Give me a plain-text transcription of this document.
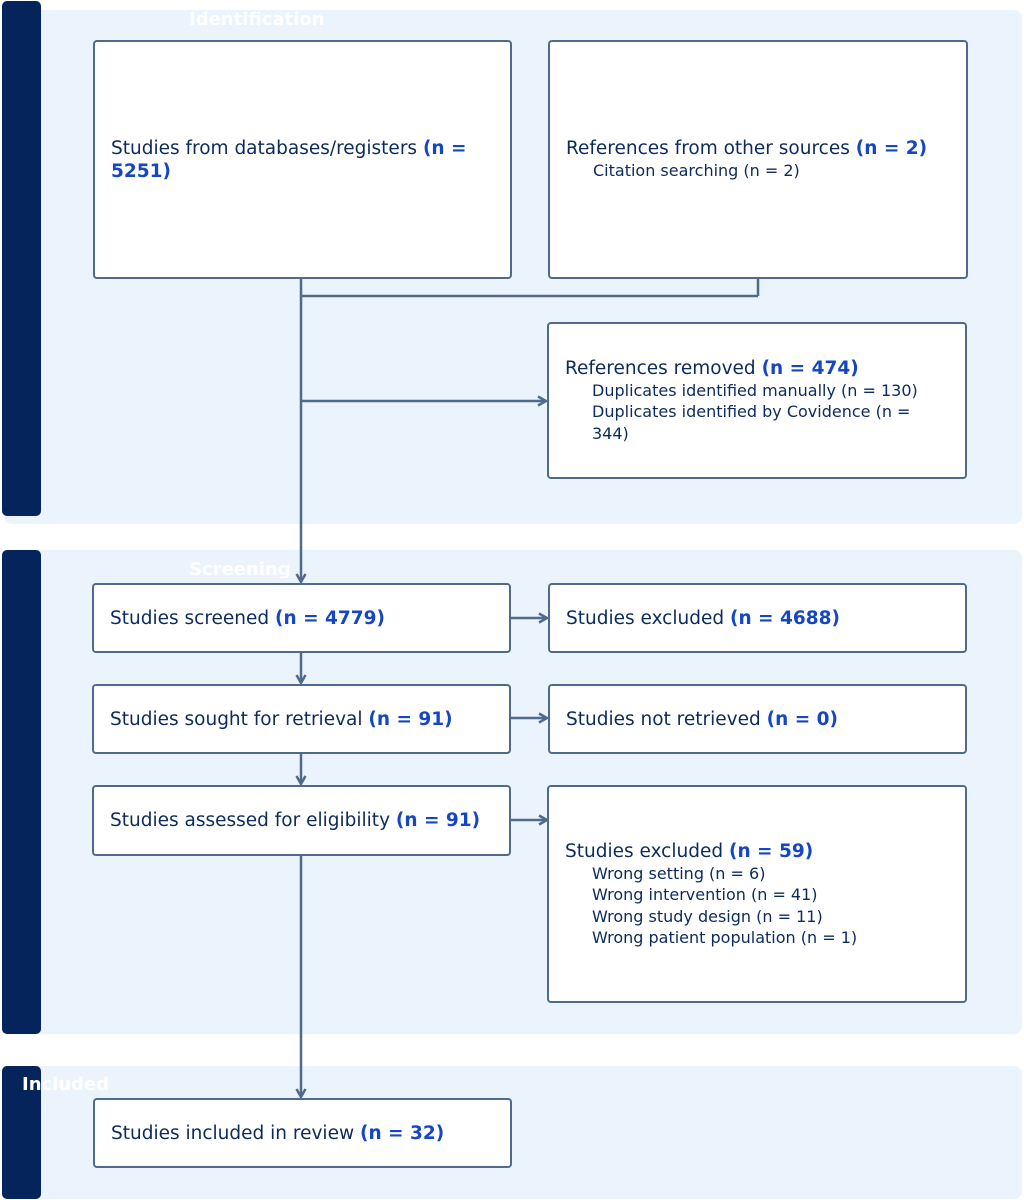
Identification
Screening
Included
Studies from databases/registers (n = 5251)
References from other sources (n = 2)
Citation searching (n = 2)
References removed (n = 474)
Duplicates identified manually (n = 130)
Duplicates identified by Covidence (n = 344)
Studies screened (n = 4779)	Studies excluded (n = 4688)
Studies sought for retrieval (n = 91)	Studies not retrieved (n = 0)
Studies assessed for eligibility (n = 91)
Studies excluded (n = 59)
Wrong setting (n = 6)
Wrong intervention (n = 41)
Wrong study design (n = 11)
Wrong patient population (n = 1)
Studies included in review (n = 32)
